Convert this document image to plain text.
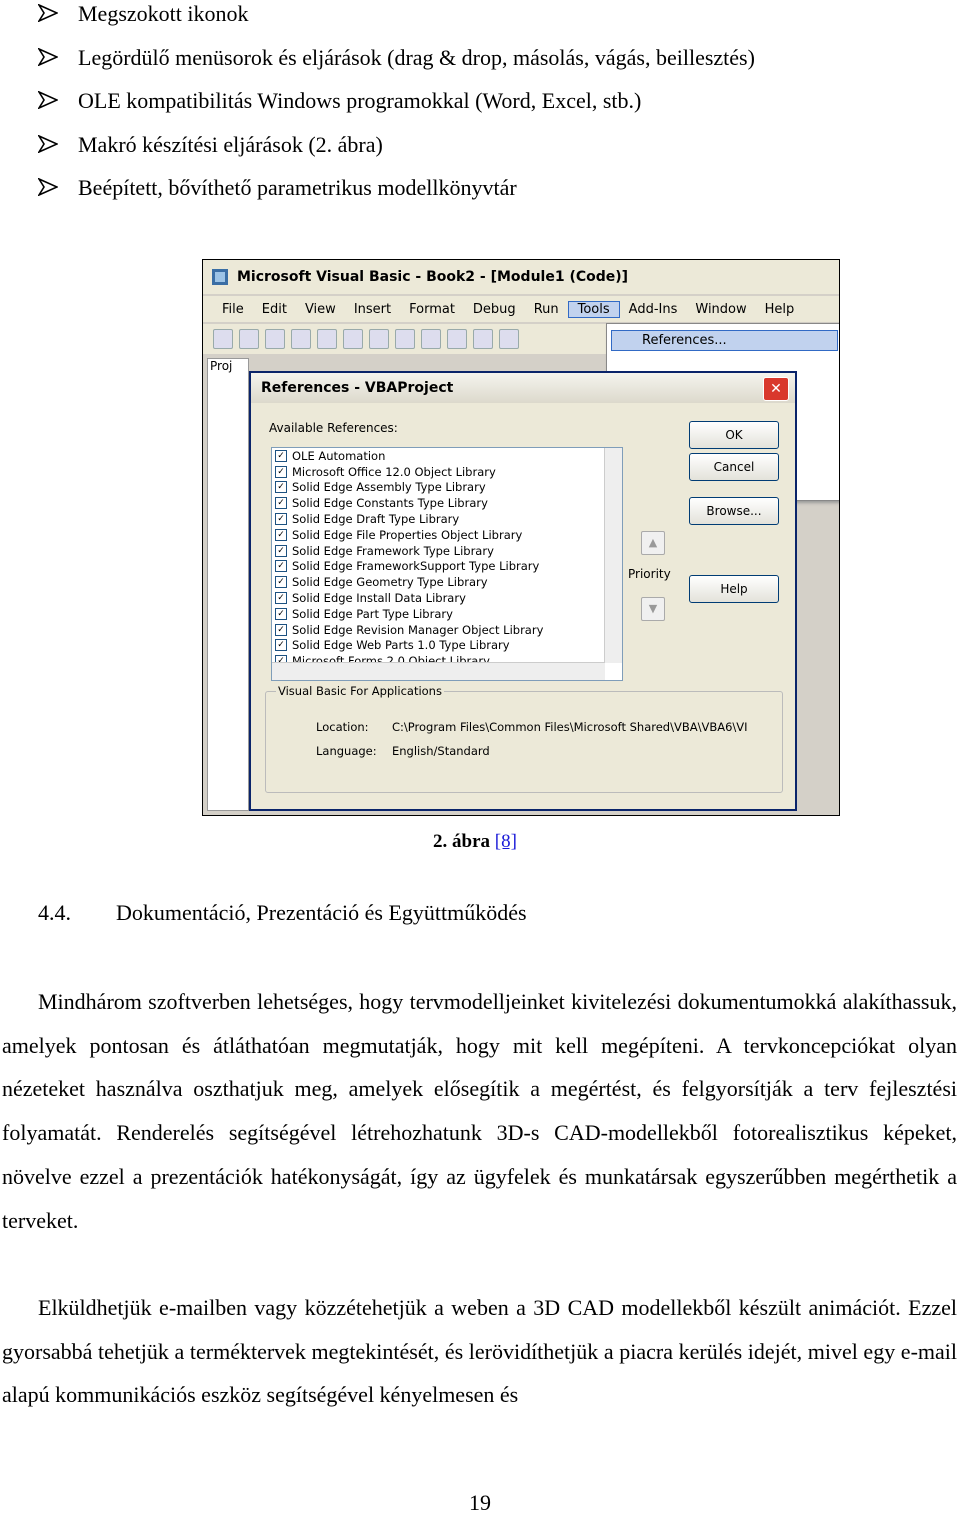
Megszokott ikonok
Legördülő menüsorok és eljárások (drag & drop, másolás, vágás, beillesztés)
OLE kompatibilitás Windows programokkal (Word, Excel, stb.)
Makró készítési eljárások (2. ábra)
Beépített, bővíthető parametrikus modellkönyvtár
Microsoft Visual Basic - Book2 - [Module1 (Code)]
File	Edit	View	Insert	Format	Debug	Run	Tools	Add-Ins	Window	Help
References...
Proj
References - VBAProject	✕
Available References:
✓ OLE Automation
✓ Microsoft Office 12.0 Object Library
✓ Solid Edge Assembly Type Library
✓ Solid Edge Constants Type Library
✓ Solid Edge Draft Type Library
✓ Solid Edge File Properties Object Library
✓ Solid Edge Framework Type Library
✓ Solid Edge FrameworkSupport Type Library
✓ Solid Edge Geometry Type Library
✓ Solid Edge Install Data Library
✓ Solid Edge Part Type Library
✓ Solid Edge Revision Manager Object Library
✓ Solid Edge Web Parts 1.0 Type Library
OK
Cancel
Browse...
▲
Priority
▼
Help
Visual Basic For Applications
Location: C:\Program Files\Common Files\Microsoft Shared\VBA\VBA6\VI
Language: English/Standard
2. ábra [8]
4.4. Dokumentáció, Prezentáció és Együttműködés

Mindhárom szoftverben lehetséges, hogy tervmodelljeinket kivitelezési dokumentumokká alakíthassuk, amelyek pontosan és átláthatóan megmutatják, hogy mit kell megépíteni. A tervkoncepciókat olyan nézeteket használva oszthatjuk meg, amelyek elősegítik a megértést, és felgyorsítják a terv fejlesztési folyamatát. Renderelés segítségével létrehozhatunk 3D-s CAD-modellekből fotorealisztikus képeket, növelve ezzel a prezentációk hatékonyságát, így az ügyfelek és munkatársak egyszerűbben megérthetik a terveket.

Elküldhetjük e-mailben vagy közzétehetjük a weben a 3D CAD modellekből készült animációt. Ezzel gyorsabbá tehetjük a terméktervek megtekintését, és lerövidíthetjük a piacra kerülés idejét, mivel egy e-mail alapú kommunikációs eszköz segítségével kényelmesen és

19
